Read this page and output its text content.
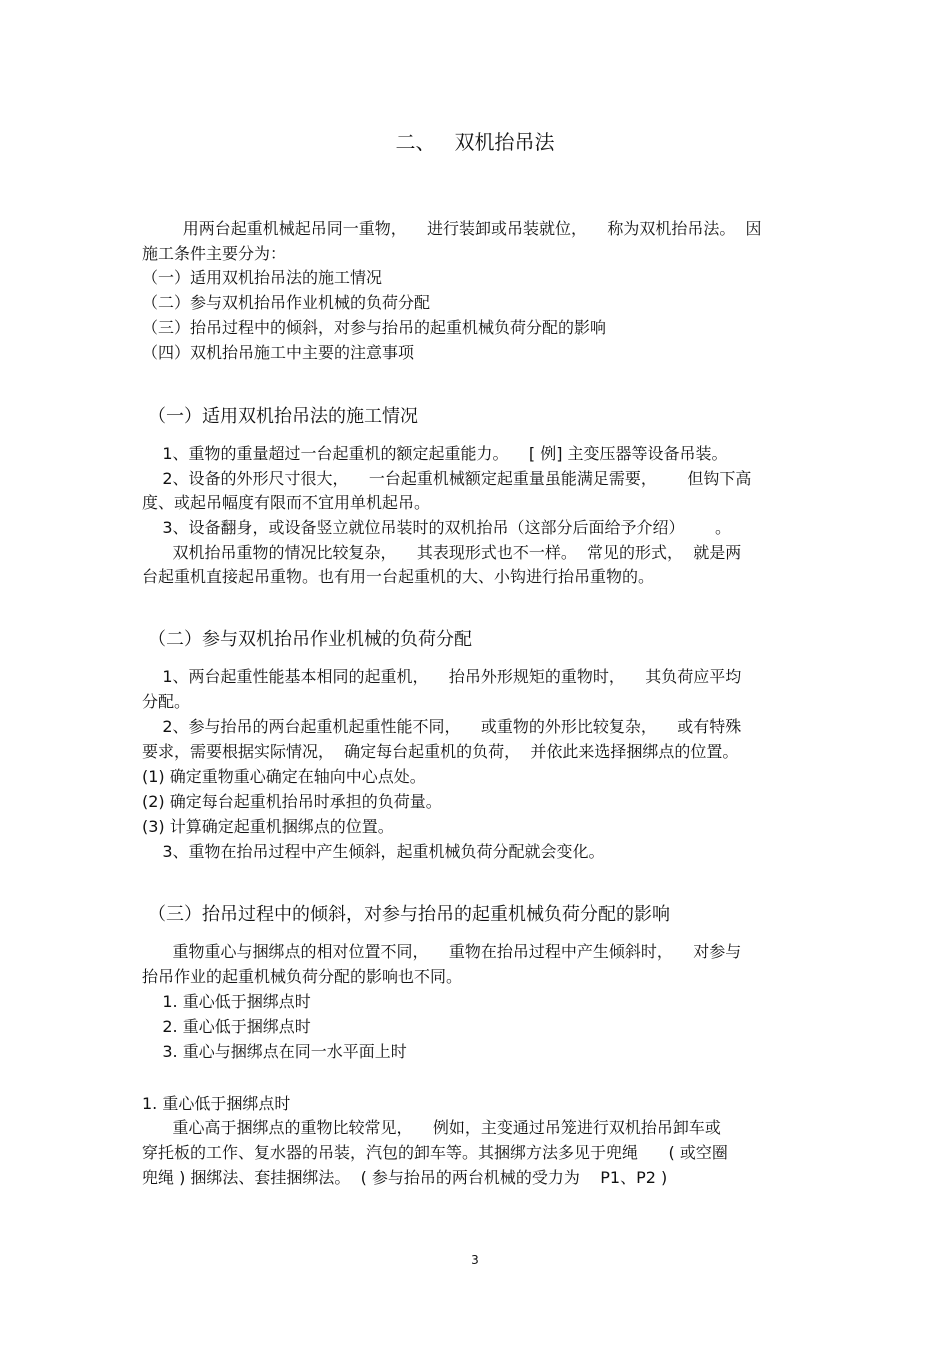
二、   双机抬吊法
用两台起重机械起吊同一重物，    进行装卸或吊装就位，    称为双机抬吊法。  因
施工条件主要分为：
（一）适用双机抬吊法的施工情况
（二）参与双机抬吊作业机械的负荷分配
（三）抬吊过程中的倾斜，对参与抬吊的起重机械负荷分配的影响
（四）双机抬吊施工中主要的注意事项
（一）适用双机抬吊法的施工情况
1、重物的重量超过一台起重机的额定起重能力。    [ 例] 主变压器等设备吊装。
2、设备的外形尺寸很大，    一台起重机械额定起重量虽能满足需要，      但钩下高
度、或起吊幅度有限而不宜用单机起吊。
3、设备翻身，或设备竖立就位吊装时的双机抬吊（这部分后面给予介绍）      。
双机抬吊重物的情况比较复杂，    其表现形式也不一样。  常见的形式，  就是两
台起重机直接起吊重物。也有用一台起重机的大、小钩进行抬吊重物的。
（二）参与双机抬吊作业机械的负荷分配
1、两台起重性能基本相同的起重机，    抬吊外形规矩的重物时，    其负荷应平均
分配。
2、参与抬吊的两台起重机起重性能不同，    或重物的外形比较复杂，    或有特殊
要求，需要根据实际情况，  确定每台起重机的负荷，  并依此来选择捆绑点的位置。
(1) 确定重物重心确定在轴向中心点处。
(2) 确定每台起重机抬吊时承担的负荷量。
(3) 计算确定起重机捆绑点的位置。
3、重物在抬吊过程中产生倾斜，起重机械负荷分配就会变化。
（三）抬吊过程中的倾斜，对参与抬吊的起重机械负荷分配的影响
重物重心与捆绑点的相对位置不同，    重物在抬吊过程中产生倾斜时，    对参与
抬吊作业的起重机械负荷分配的影响也不同。
1. 重心低于捆绑点时
2. 重心低于捆绑点时
3. 重心与捆绑点在同一水平面上时
1. 重心低于捆绑点时
重心高于捆绑点的重物比较常见，    例如，主变通过吊笼进行双机抬吊卸车或
穿托板的工作、复水器的吊装，汽包的卸车等。其捆绑方法多见于兜绳      ( 或空圈
兜绳 ) 捆绑法、套挂捆绑法。  ( 参与抬吊的两台机械的受力为    P1、P2 )
3
